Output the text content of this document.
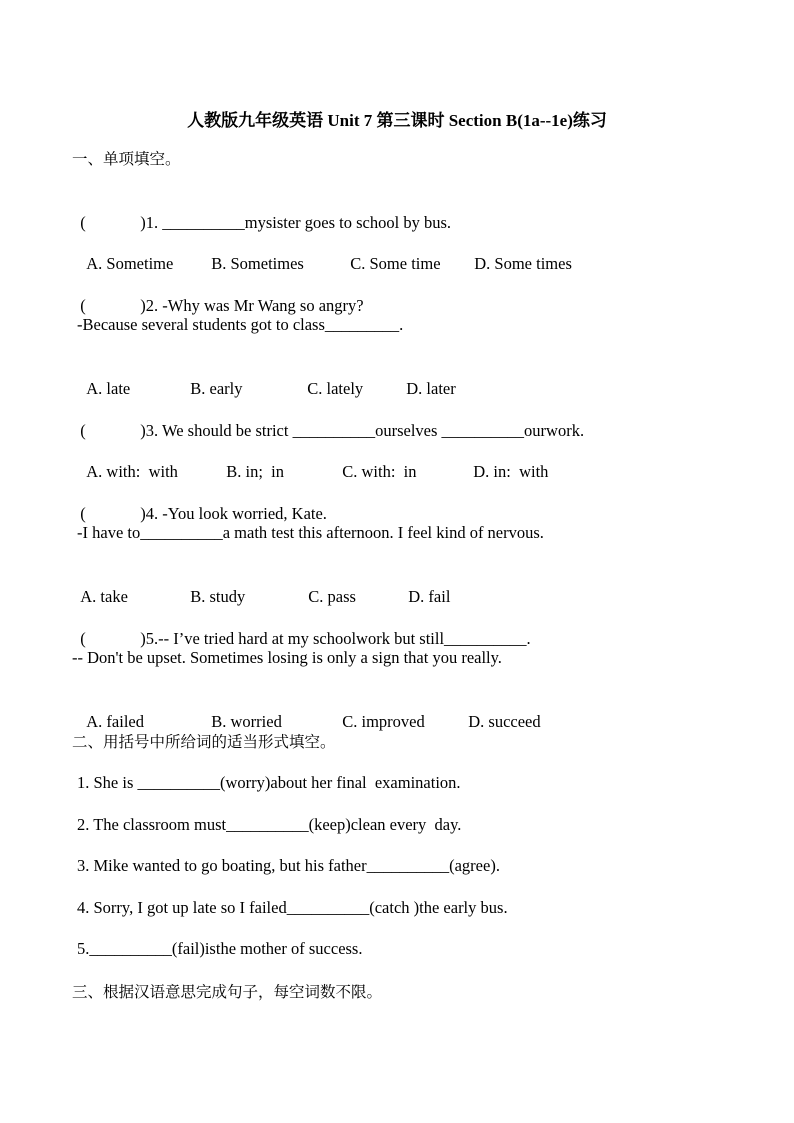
人教版九年级英语 Unit 7 第三课时 Section B(1a--1e)练习
一、单项填空。

(	)1. __________mysister goes to school by bus.

A. Sometime B. Sometimes	C. Some time D. Some times

(	)2. -Why was Mr Wang so angry?

-Because several students got to class_________.

A. late	B. early	C. lately	D. later

(	)3. We should be strict __________ourselves __________ourwork.

A. with:  with	B. in;  in	C. with:  in	D. in:  with

(	)4. -You look worried, Kate.

-I have to__________a math test this afternoon. I feel kind of nervous.

A. take	B. study	C. pass	D. fail

(	)5.-- I’ve tried hard at my schoolwork but still__________.

-- Don't be upset. Sometimes losing is only a sign that you really.

A. failed	B. worried	C. improved	D. succeed

二、用括号中所给词的适当形式填空。
1. She is __________(worry)about her final  examination.
2. The classroom must__________(keep)clean every  day.
3. Mike wanted to go boating, but his father__________(agree).
4. Sorry, I got up late so I failed__________(catch )the early bus.
5.__________(fail)isthe mother of success.
三、根据汉语意思完成句子，每空词数不限。
